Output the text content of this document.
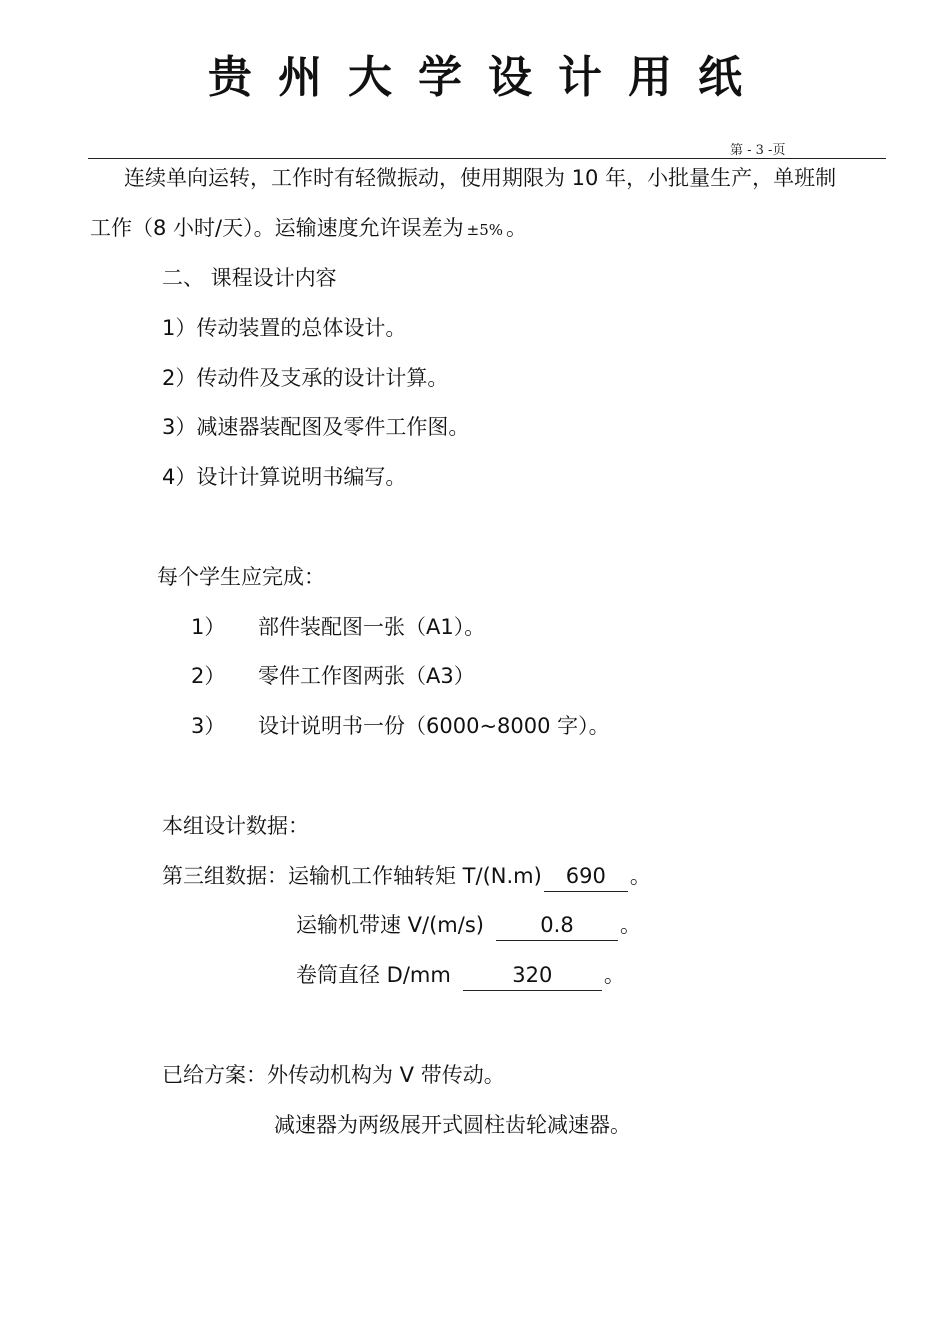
贵州大学设计用纸
第 - 3 -页
连续单向运转，工作时有轻微振动，使用期限为 10 年，小批量生产，单班制
工作（8 小时/天）。运输速度允许误差为 ±5% 。
二、 课程设计内容
1）传动装置的总体设计。
2）传动件及支承的设计计算。
3）减速器装配图及零件工作图。
4）设计计算说明书编写。
每个学生应完成：
1） 部件装配图一张（A1）。
2） 零件工作图两张（A3）
3） 设计说明书一份（6000~8000 字）。
本组设计数据：
第三组数据：运输机工作轴转矩 T/(N.m) 690 。
运输机带速 V/(m/s)	0.8 。
卷筒直径 D/mm	320 。
已给方案：外传动机构为 V 带传动。
减速器为两级展开式圆柱齿轮减速器。
